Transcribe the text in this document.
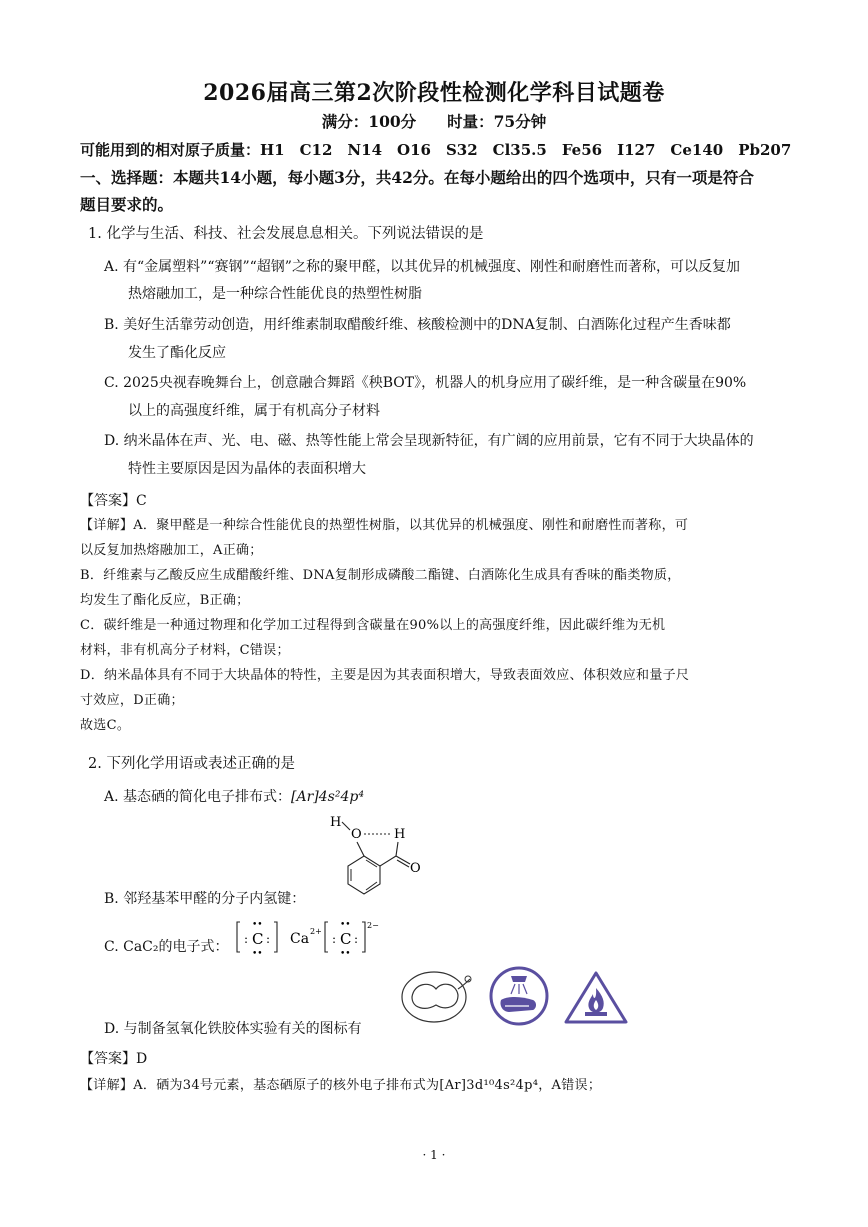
2026届高三第2次阶段性检测化学科目试题卷
满分：100分　　时量：75分钟
可能用到的相对原子质量：H1　C12　N14　O16　S32　Cl35.5　Fe56　I127　Ce140　Pb207
一、选择题：本题共14小题，每小题3分，共42分。在每小题给出的四个选项中，只有一项是符合
题目要求的。
1. 化学与生活、科技、社会发展息息相关。下列说法错误的是
A. 有“金属塑料”“赛钢”“超钢”之称的聚甲醛，以其优异的机械强度、刚性和耐磨性而著称，可以反复加
热熔融加工，是一种综合性能优良的热塑性树脂
B. 美好生活靠劳动创造，用纤维素制取醋酸纤维、核酸检测中的DNA复制、白酒陈化过程产生香味都
发生了酯化反应
C. 2025央视春晚舞台上，创意融合舞蹈《秧BOT》，机器人的机身应用了碳纤维，是一种含碳量在90%
以上的高强度纤维，属于有机高分子材料
D. 纳米晶体在声、光、电、磁、热等性能上常会呈现新特征，有广阔的应用前景，它有不同于大块晶体的
特性主要原因是因为晶体的表面积增大
【答案】C
【详解】A．聚甲醛是一种综合性能优良的热塑性树脂，以其优异的机械强度、刚性和耐磨性而著称，可
以反复加热熔融加工，A正确；
B．纤维素与乙酸反应生成醋酸纤维、DNA复制形成磷酸二酯键、白酒陈化生成具有香味的酯类物质，
均发生了酯化反应，B正确；
C．碳纤维是一种通过物理和化学加工过程得到含碳量在90%以上的高强度纤维，因此碳纤维为无机
材料，非有机高分子材料，C错误；
D．纳米晶体具有不同于大块晶体的特性，主要是因为其表面积增大，导致表面效应、体积效应和量子尺
寸效应，D正确；
故选C。
2. 下列化学用语或表述正确的是
A. 基态硒的简化电子排布式：[Ar]4s²4p⁴
H
O H
O
B. 邻羟基苯甲醛的分子内氢键：
C. CaC₂的电子式： : C :
••
••
Ca 2+
: C :
••
••
2−
D. 与制备氢氧化铁胶体实验有关的图标有
【答案】D
【详解】A．硒为34号元素，基态硒原子的核外电子排布式为[Ar]3d¹⁰4s²4p⁴，A错误；
· 1 ·
